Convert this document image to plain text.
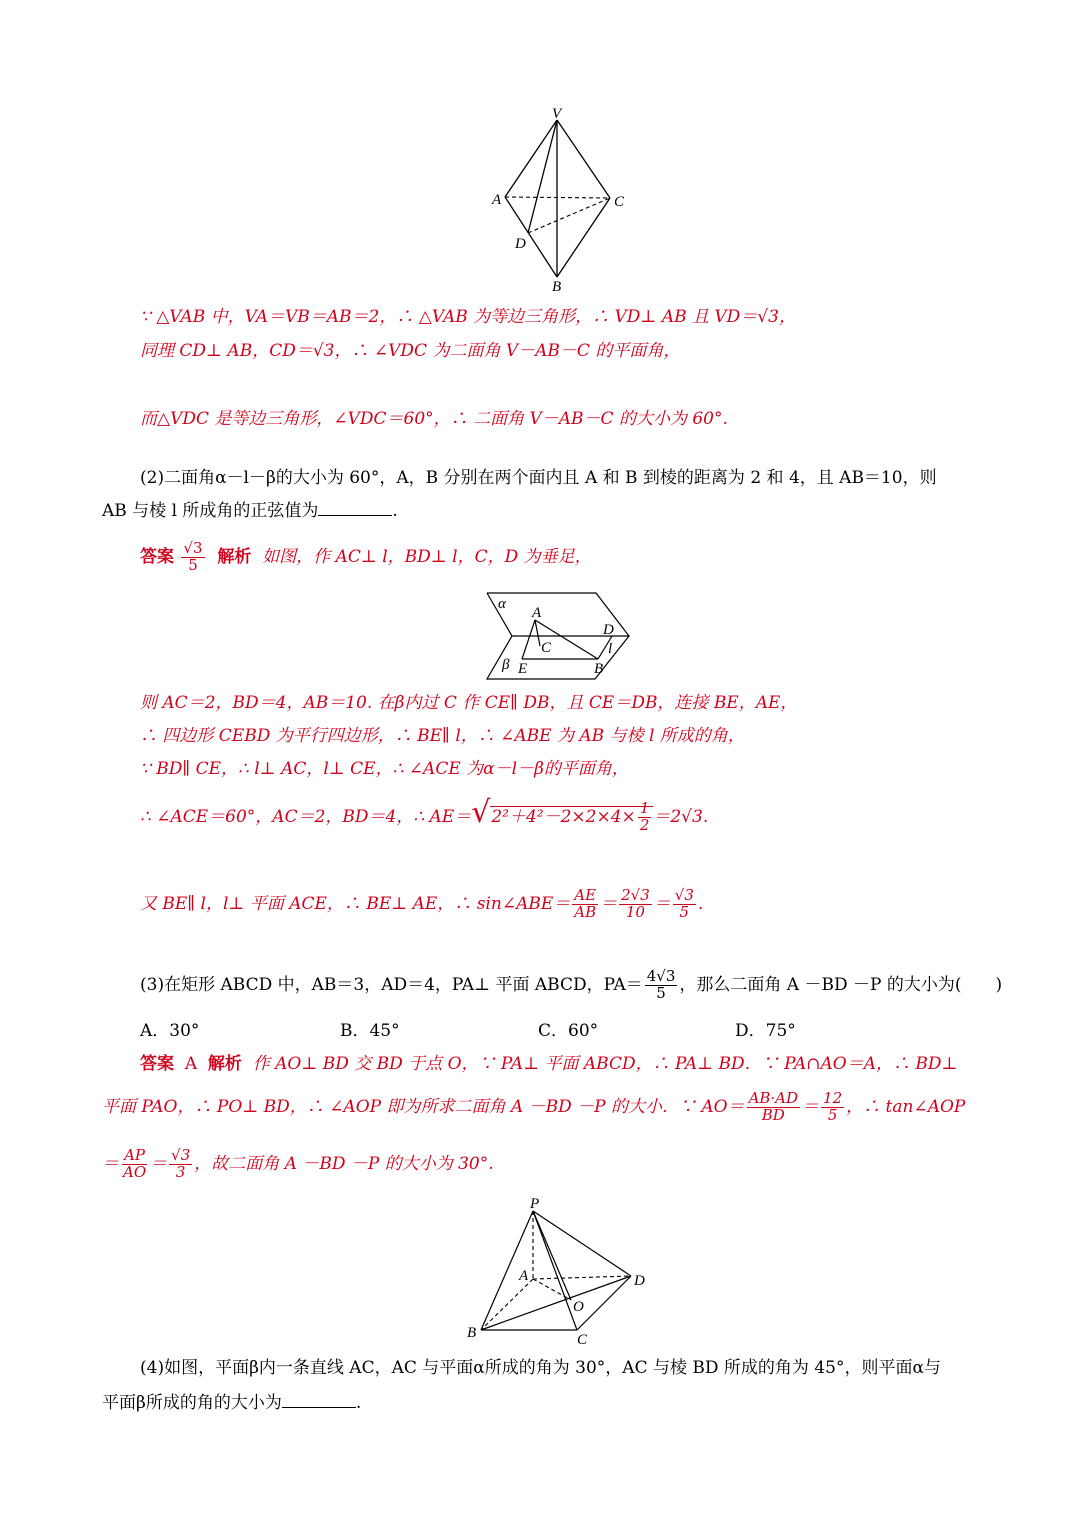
V
A	C
D
B
∵ △VAB 中，VA＝VB＝AB＝2，∴ △VAB 为等边三角形，∴ VD⊥ AB 且 VD＝√3，
同理 CD⊥ AB，CD＝√3，∴ ∠VDC 为二面角 V－AB－C 的平面角，
而△VDC 是等边三角形，∠VDC＝60°，∴ 二面角 V－AB－C 的大小为 60°.
(2)二面角α－l－β的大小为 60°，A，B 分别在两个面内且 A 和 B 到棱的距离为 2 和 4，且 AB＝10，则
AB 与棱 l 所成角的正弦值为	.
答案 $\frac{√3}{5}$ 解析 如图，作 AC⊥ l，BD⊥ l，C，D 为垂足，
α
A
D
l
C
β E	B
则 AC＝2，BD＝4，AB＝10. 在β内过 C 作 CE∥ DB，且 CE＝DB，连接 BE，AE，
∴ 四边形 CEBD 为平行四边形，∴ BE∥ l，∴ ∠ABE 为 AB 与棱 l 所成的角，
∵ BD∥ CE，∴ l⊥ AC，l⊥ CE，∴ ∠ACE 为α－l－β的平面角，
∴ ∠ACE＝60°，AC＝2，BD＝4，∴ $AE=√2^2+4^2-2\times 2\times 4\times \frac{1}{2} =2√3$.
又 BE∥ l，l⊥ 平面 ACE，∴ BE⊥ AE，∴ sin∠ABE＝ $\frac{AE}{AB} = \frac{2√3}{10} = \frac{√3}{5}$ .
(3)在矩形 ABCD 中，AB＝3，AD＝4，PA⊥ 平面 ABCD，$PA= \frac{4√3}{5}$ ，那么二面角 A －BD －P 的大小为(　　)
A．30°	B．45°	C．60°	D．75°
答案 A 解析 作 AO⊥ BD 交 BD 于点 O，∵ PA⊥ 平面 ABCD，∴ PA⊥ BD．∵ PA∩AO＝A，∴ BD⊥
平面 PAO，∴ PO⊥ BD，∴ ∠AOP 即为所求二面角 A －BD －P 的大小．∵ $AO= \frac{AB\cdot AD}{BD} = \frac{12}{5}$ ，∴ tan∠AOP
＝ $\frac{AP}{AO} = \frac{√3}{3}$ ，故二面角 A －BD －P 的大小为 30°.
P
A	D
O
B	C
(4)如图，平面β内一条直线 AC，AC 与平面α所成的角为 30°，AC 与棱 BD 所成的角为 45°，则平面α与
平面β所成的角的大小为	.
